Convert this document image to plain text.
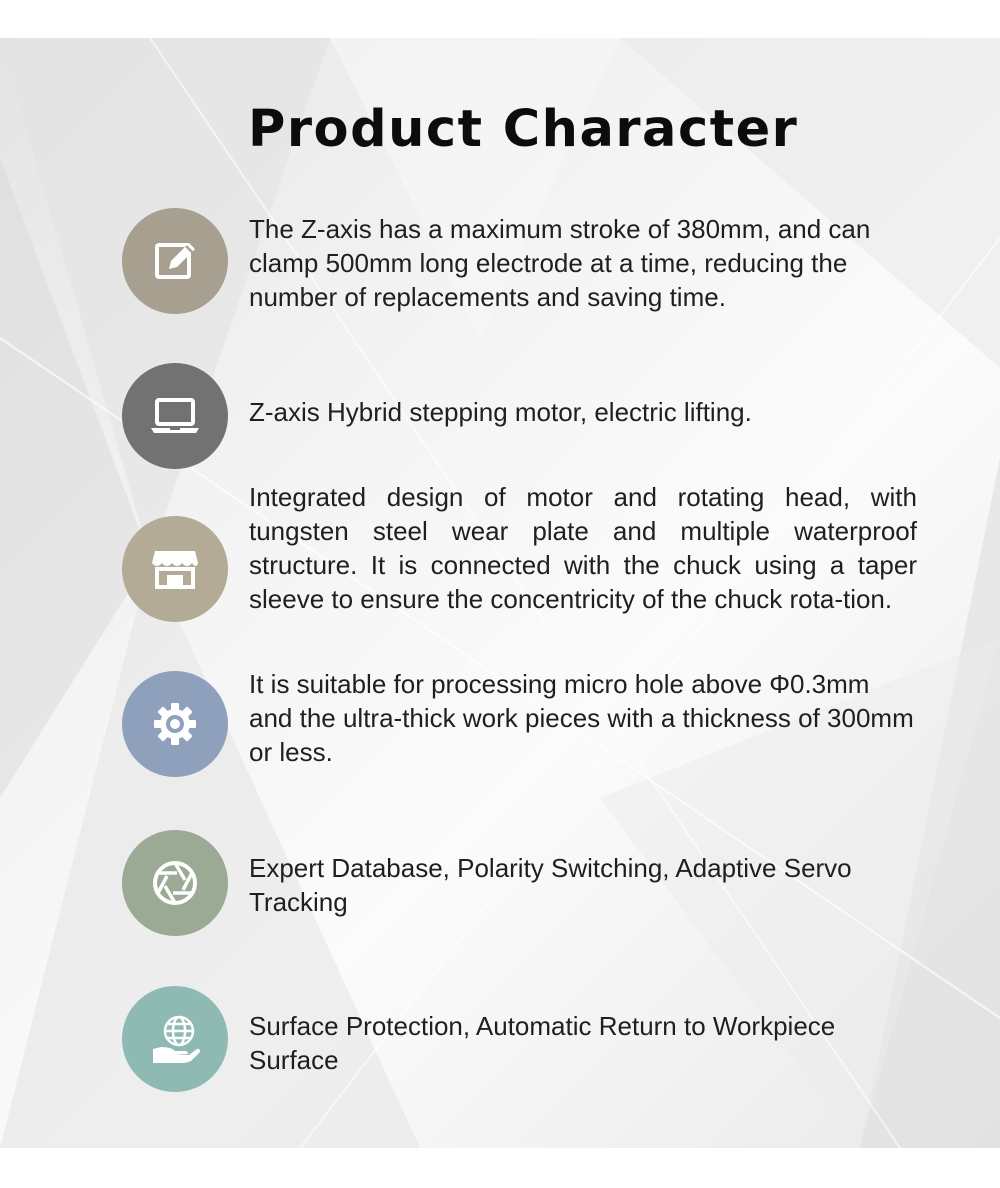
Product Character

The Z-axis has a maximum stroke of 380mm, and can clamp 500mm long electrode at a time, reducing the number of replacements and saving time.

Z-axis Hybrid stepping motor, electric lifting.

Integrated design of motor and rotating head, with tungsten steel wear plate and multiple waterproof structure. It is connected with the chuck using a taper sleeve to ensure the concentricity of the chuck rota-tion.

It is suitable for processing micro hole above Φ0.3mm and the ultra-thick work pieces with a thickness of 300mm or less.

Expert Database, Polarity Switching, Adaptive Servo Tracking

Surface Protection, Automatic Return to Workpiece Surface
